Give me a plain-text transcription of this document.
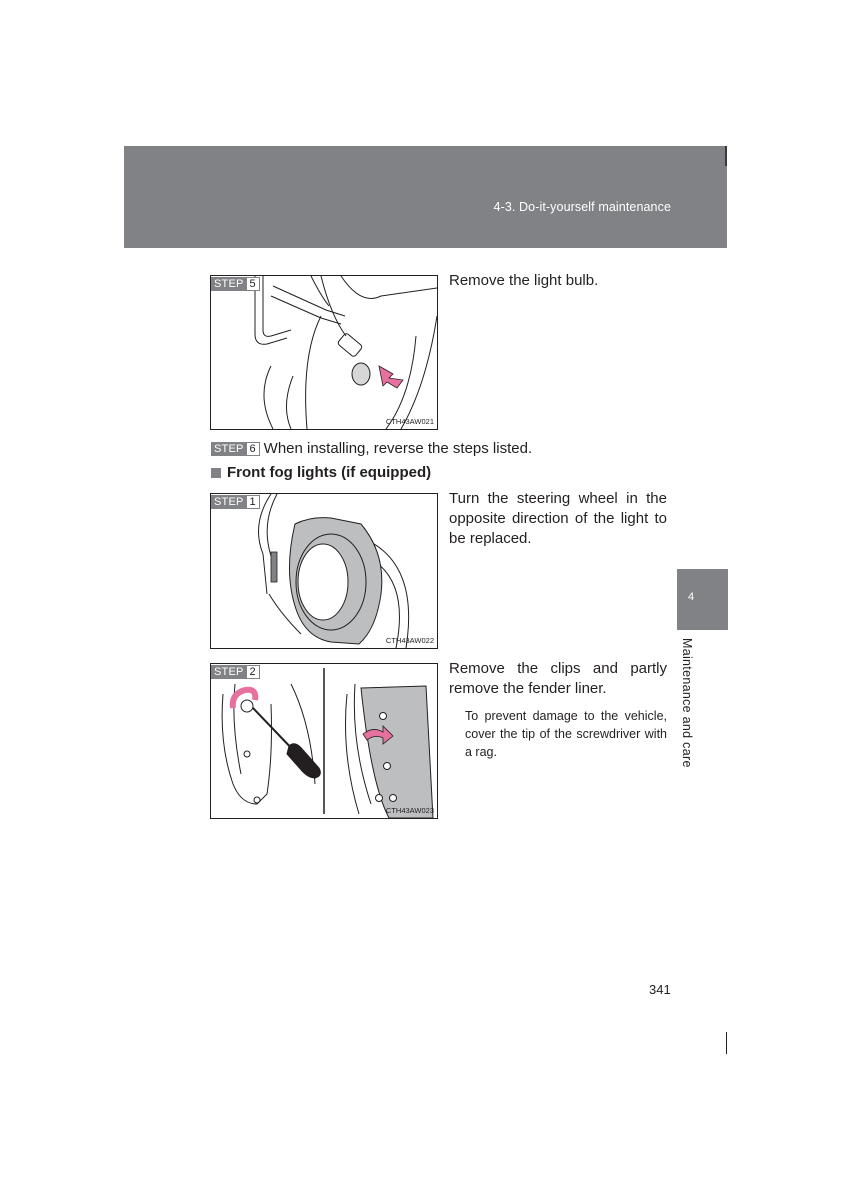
4-3. Do-it-yourself maintenance
STEP 5
CTH43AW021
Remove the light bulb.
STEP 6 When installing, reverse the steps listed.
Front fog lights (if equipped)
STEP 1
CTH43AW022
Turn the steering wheel in the opposite direction of the light to be replaced.
STEP 2
CTH43AW023
Remove the clips and partly remove the fender liner.
To prevent damage to the vehicle, cover the tip of the screwdriver with a rag.
4
Maintenance and care
341
